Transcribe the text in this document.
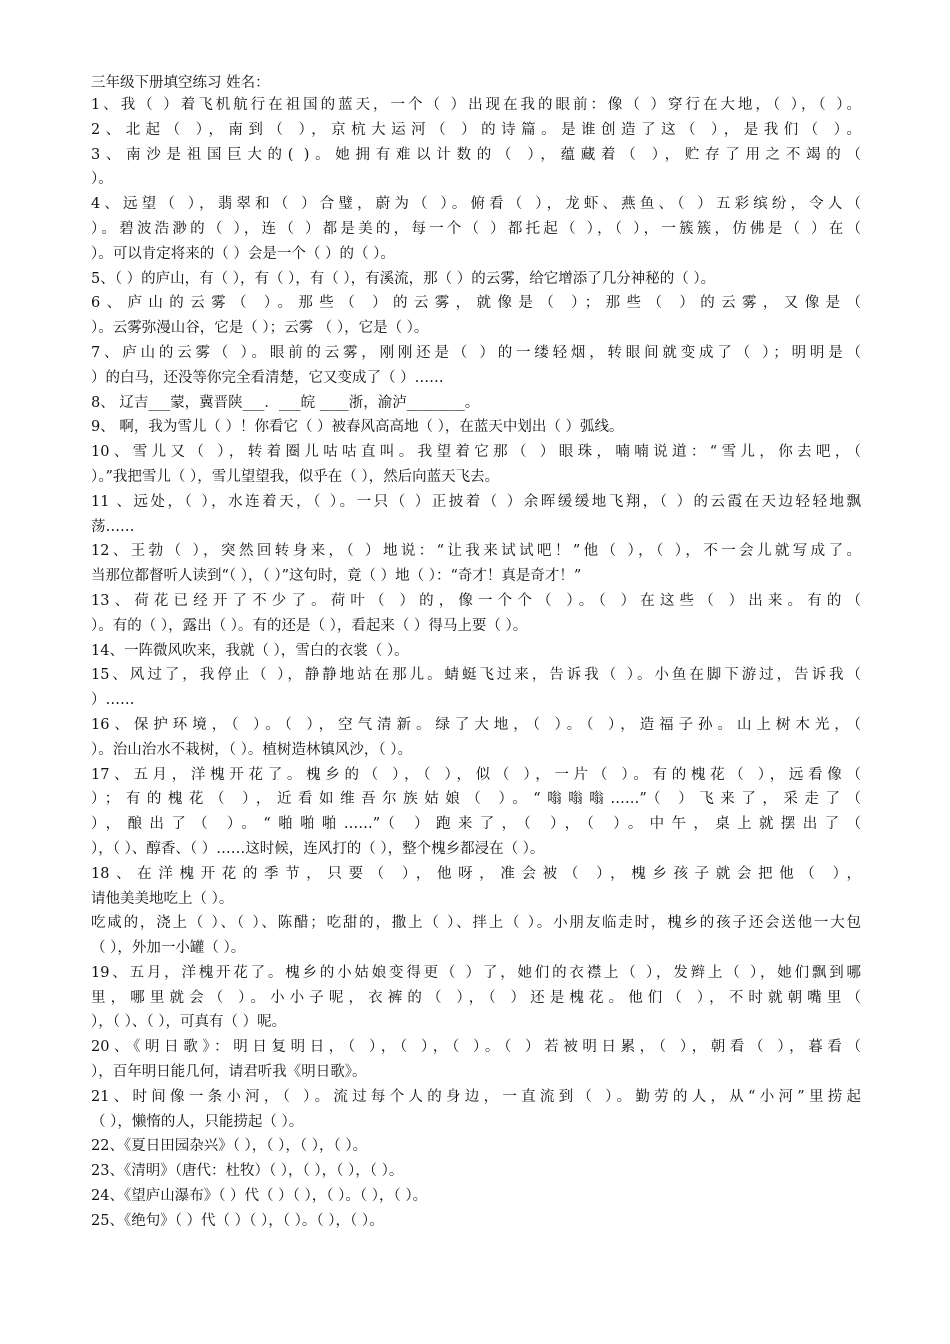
三年级下册填空练习 姓名：
1、我（ ）着飞机航行在祖国的蓝天，一个（ ）出现在我的眼前：像（ ）穿行在大地，（ ），（ ）。
2、北起（ ），南到（ ），京杭大运河（ ）的诗篇。是谁创造了这（ ），是我们（ ）。
3、南沙是祖国巨大的( )。她拥有难以计数的（ ），蕴藏着（ ），贮存了用之不竭的（
）。
4、远望（ ），翡翠和（ ）合璧，蔚为（ ）。俯看（ ），龙虾、燕鱼、（ ）五彩缤纷，令人（
）。碧波浩渺的（ ），连（ ）都是美的，每一个（ ）都托起（ ），（ ），一簇簇，仿佛是（ ）在（
）。可以肯定将来的（ ）会是一个（ ）的（ ）。
5、（ ）的庐山，有（ ），有（ ），有（ ），有溪流，那（ ）的云雾，给它增添了几分神秘的（ ）。
6、庐山的云雾（ ）。那些（ ）的云雾，就像是（ ）；那些（ ）的云雾，又像是（
）。云雾弥漫山谷，它是（ ）；云雾 （ ），它是（ ）。
7、庐山的云雾（ ）。眼前的云雾，刚刚还是（ ）的一缕轻烟，转眼间就变成了（ ）；明明是（
）的白马，还没等你完全看清楚，它又变成了（ ）……
8、 辽吉___蒙，冀晋陕___．___皖 ____浙，渝泸________。
9、 啊，我为雪儿（ ）！你看它（ ）被春风高高地（ ），在蓝天中划出（ ）弧线。
10、雪儿又（ ），转着圈儿咕咕直叫。我望着它那（ ）眼珠，喃喃说道：“雪儿，你去吧，（
）。”我把雪儿（ ），雪儿望望我，似乎在（ ），然后向蓝天飞去。
11 、远处，（ ），水连着天，（ ）。一只（ ）正披着（ ）余晖缓缓地飞翔，（ ）的云霞在天边轻轻地飘
荡……
12、王勃（ ），突然回转身来，（ ）地说：“让我来试试吧！”他（ ），（ ），不一会儿就写成了。
当那位都督听人读到“（ ），（ ）”这句时，竟（ ）地（ ）：“奇才！真是奇才！”
13、荷花已经开了不少了。荷叶（ ）的，像一个个（ ）。（ ）在这些（ ）出来。有的（
）。有的（ ），露出（ ）。有的还是（ ），看起来（ ）得马上要（ ）。
14、一阵微风吹来，我就（ ），雪白的衣裳（ ）。
15、风过了，我停止（ ），静静地站在那儿。蜻蜓飞过来，告诉我（ ）。小鱼在脚下游过，告诉我（
）……
16、保护环境，（ ）。（ ），空气清新。绿了大地，（ ）。（ ），造福子孙。山上树木光，（
）。治山治水不栽树，（ ）。植树造林镇风沙，（ ）。
17、五月，洋槐开花了。槐乡的（ ），（ ），似（ ），一片（ ）。有的槐花（ ），远看像（
）；有的槐花（ ），近看如维吾尔族姑娘（ ）。“嗡嗡嗡……”（ ）飞来了，采走了（
），酿出了（ ）。“啪啪啪……”（ ）跑来了，（ ），（ ）。中午，桌上就摆出了（
），（ ）、醇香、（ ）……这时候，连风打的（ ），整个槐乡都浸在（ ）。
18、在洋槐开花的季节，只要（ ），他呀，准会被（ ），槐乡孩子就会把他（ ），
请他美美地吃上（ ）。
吃咸的，浇上（ ）、（ ）、陈醋；吃甜的，撒上（ ）、拌上（ ）。小朋友临走时，槐乡的孩子还会送他一大包
（ ），外加一小罐（ ）。
19、五月，洋槐开花了。槐乡的小姑娘变得更（ ）了，她们的衣襟上（ ），发辫上（ ），她们飘到哪
里，哪里就会（ ）。小小子呢，衣裤的（ ），（ ）还是槐花。他们（ ），不时就朝嘴里（
），（ ）、（ ），可真有（ ）呢。
20、《明日歌》：明日复明日，（ ），（ ），（ ）。（ ）若被明日累，（ ），朝看（ ），暮看（
），百年明日能几何，请君听我《明日歌》。
21、时间像一条小河，（ ）。流过每个人的身边，一直流到（ ）。勤劳的人，从“小河”里捞起
（ ），懒惰的人，只能捞起（ ）。
22、《夏日田园杂兴》（ ），（ ），（ ），（ ）。
23、《清明》（唐代：杜牧）（ ），（ ），（ ），（ ）。
24、《望庐山瀑布》（ ）代（ ）（ ），（ ）。（ ），（ ）。
25、《绝句》（ ）代（ ）（ ），（ ）。（ ），（ ）。
